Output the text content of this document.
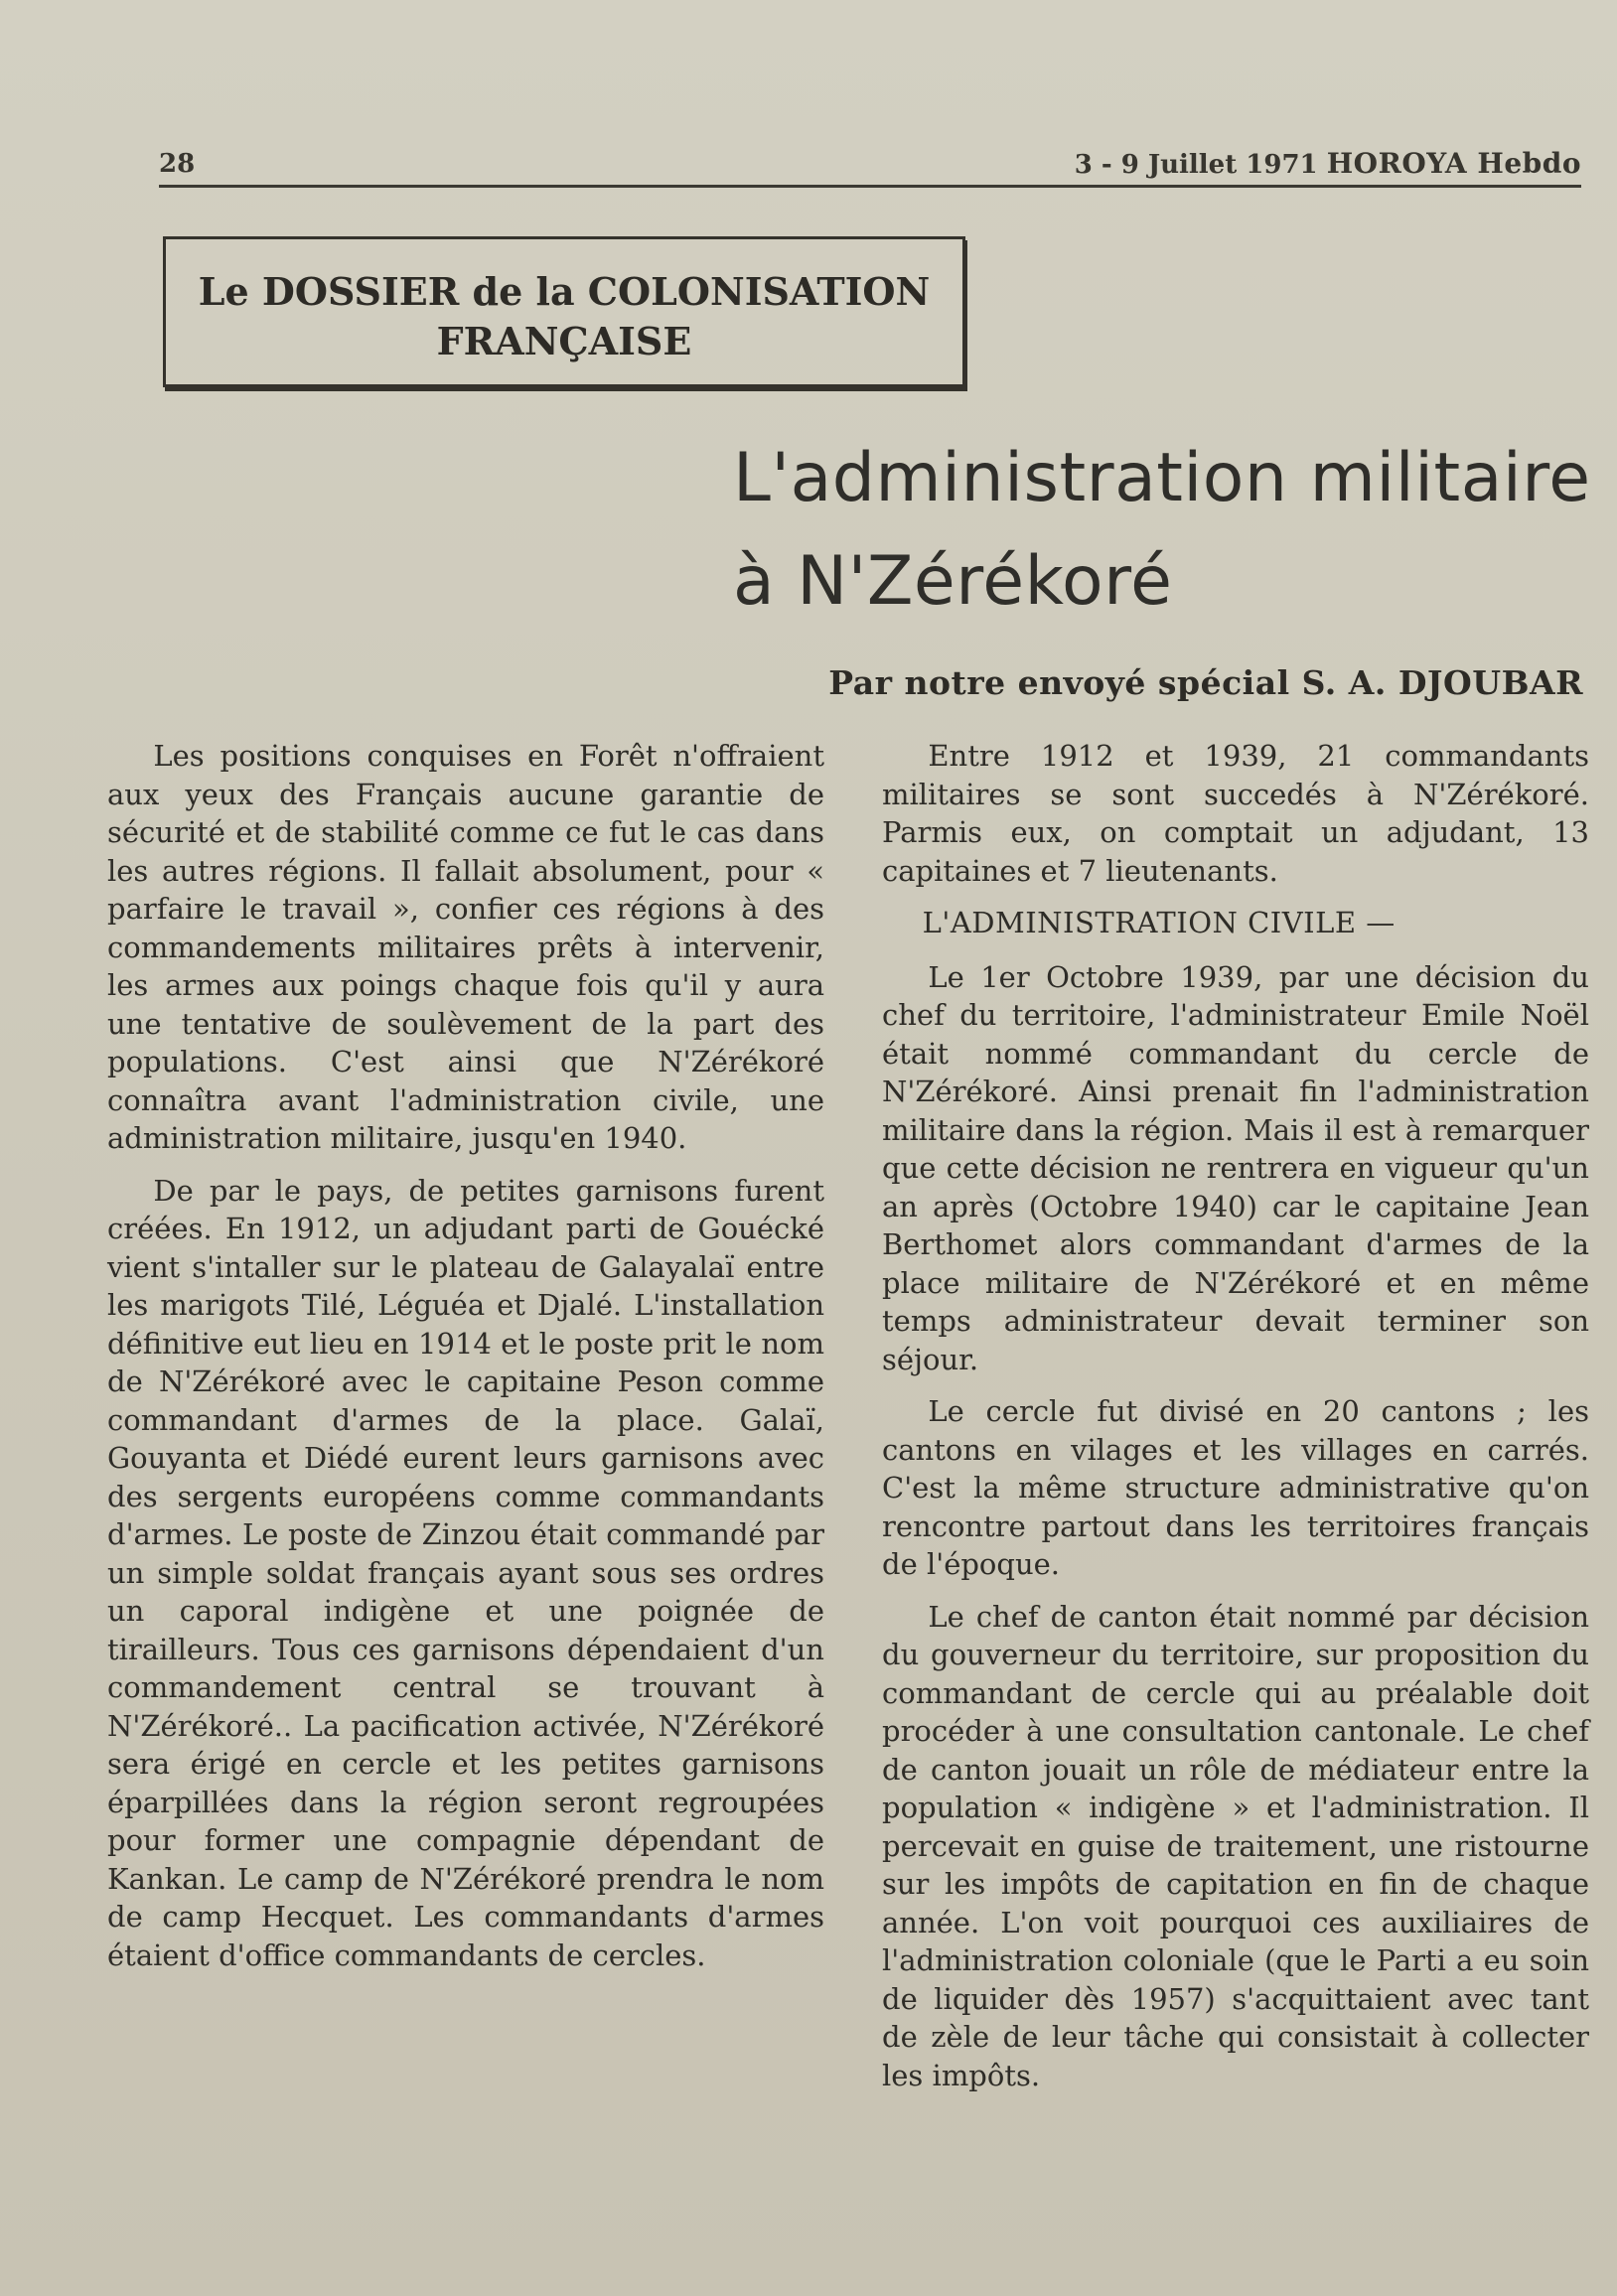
28	3 - 9 Juillet 1971 HOROYA Hebdo
Le DOSSIER de la COLONISATION
FRANÇAISE
L'administration militaire
à N'Zérékoré
Par notre envoyé spécial S. A. DJOUBAR

Les positions conquises en Forêt n'offraient aux yeux des Français aucune garantie de sécurité et de stabilité comme ce fut le cas dans les autres régions. Il fallait absolument, pour « parfaire le travail », confier ces régions à des commandements militaires prêts à intervenir, les armes aux poings chaque fois qu'il y aura une tentative de soulèvement de la part des populations. C'est ainsi que N'Zérékoré connaîtra avant l'administration civile, une administration militaire, jusqu'en 1940.

De par le pays, de petites garnisons furent créées. En 1912, un adjudant parti de Gouécké vient s'intaller sur le plateau de Galayalaï entre les marigots Tilé, Léguéa et Djalé. L'installation définitive eut lieu en 1914 et le poste prit le nom de N'Zérékoré avec le capitaine Peson comme commandant d'armes de la place. Galaï, Gouyanta et Diédé eurent leurs garnisons avec des sergents européens comme commandants d'armes. Le poste de Zinzou était commandé par un simple soldat français ayant sous ses ordres un caporal indigène et une poignée de tirailleurs. Tous ces garnisons dépendaient d'un commandement central se trouvant à N'Zérékoré.. La pacification activée, N'Zérékoré sera érigé en cercle et les petites garnisons éparpillées dans la région seront regroupées pour former une compagnie dépendant de Kankan. Le camp de N'Zérékoré prendra le nom de camp Hecquet. Les commandants d'armes étaient d'office commandants de cercles.

Entre 1912 et 1939, 21 commandants militaires se sont succedés à N'Zérékoré. Parmis eux, on comptait un adjudant, 13 capitaines et 7 lieutenants.

L'ADMINISTRATION CIVILE —

Le 1er Octobre 1939, par une décision du chef du territoire, l'administrateur Emile Noël était nommé commandant du cercle de N'Zérékoré. Ainsi prenait fin l'administration militaire dans la région. Mais il est à remarquer que cette décision ne rentrera en vigueur qu'un an après (Octobre 1940) car le capitaine Jean Berthomet alors commandant d'armes de la place militaire de N'Zérékoré et en même temps administrateur devait terminer son séjour.

Le cercle fut divisé en 20 cantons ; les cantons en vilages et les villages en carrés. C'est la même structure administrative qu'on rencontre partout dans les territoires français de l'époque.

Le chef de canton était nommé par décision du gouverneur du territoire, sur proposition du commandant de cercle qui au préalable doit procéder à une consultation cantonale. Le chef de canton jouait un rôle de médiateur entre la population « indigène » et l'administration. Il percevait en guise de traitement, une ristourne sur les impôts de capitation en fin de chaque année. L'on voit pourquoi ces auxiliaires de l'administration coloniale (que le Parti a eu soin de liquider dès 1957) s'acquittaient avec tant de zèle de leur tâche qui consistait à collecter les impôts.
